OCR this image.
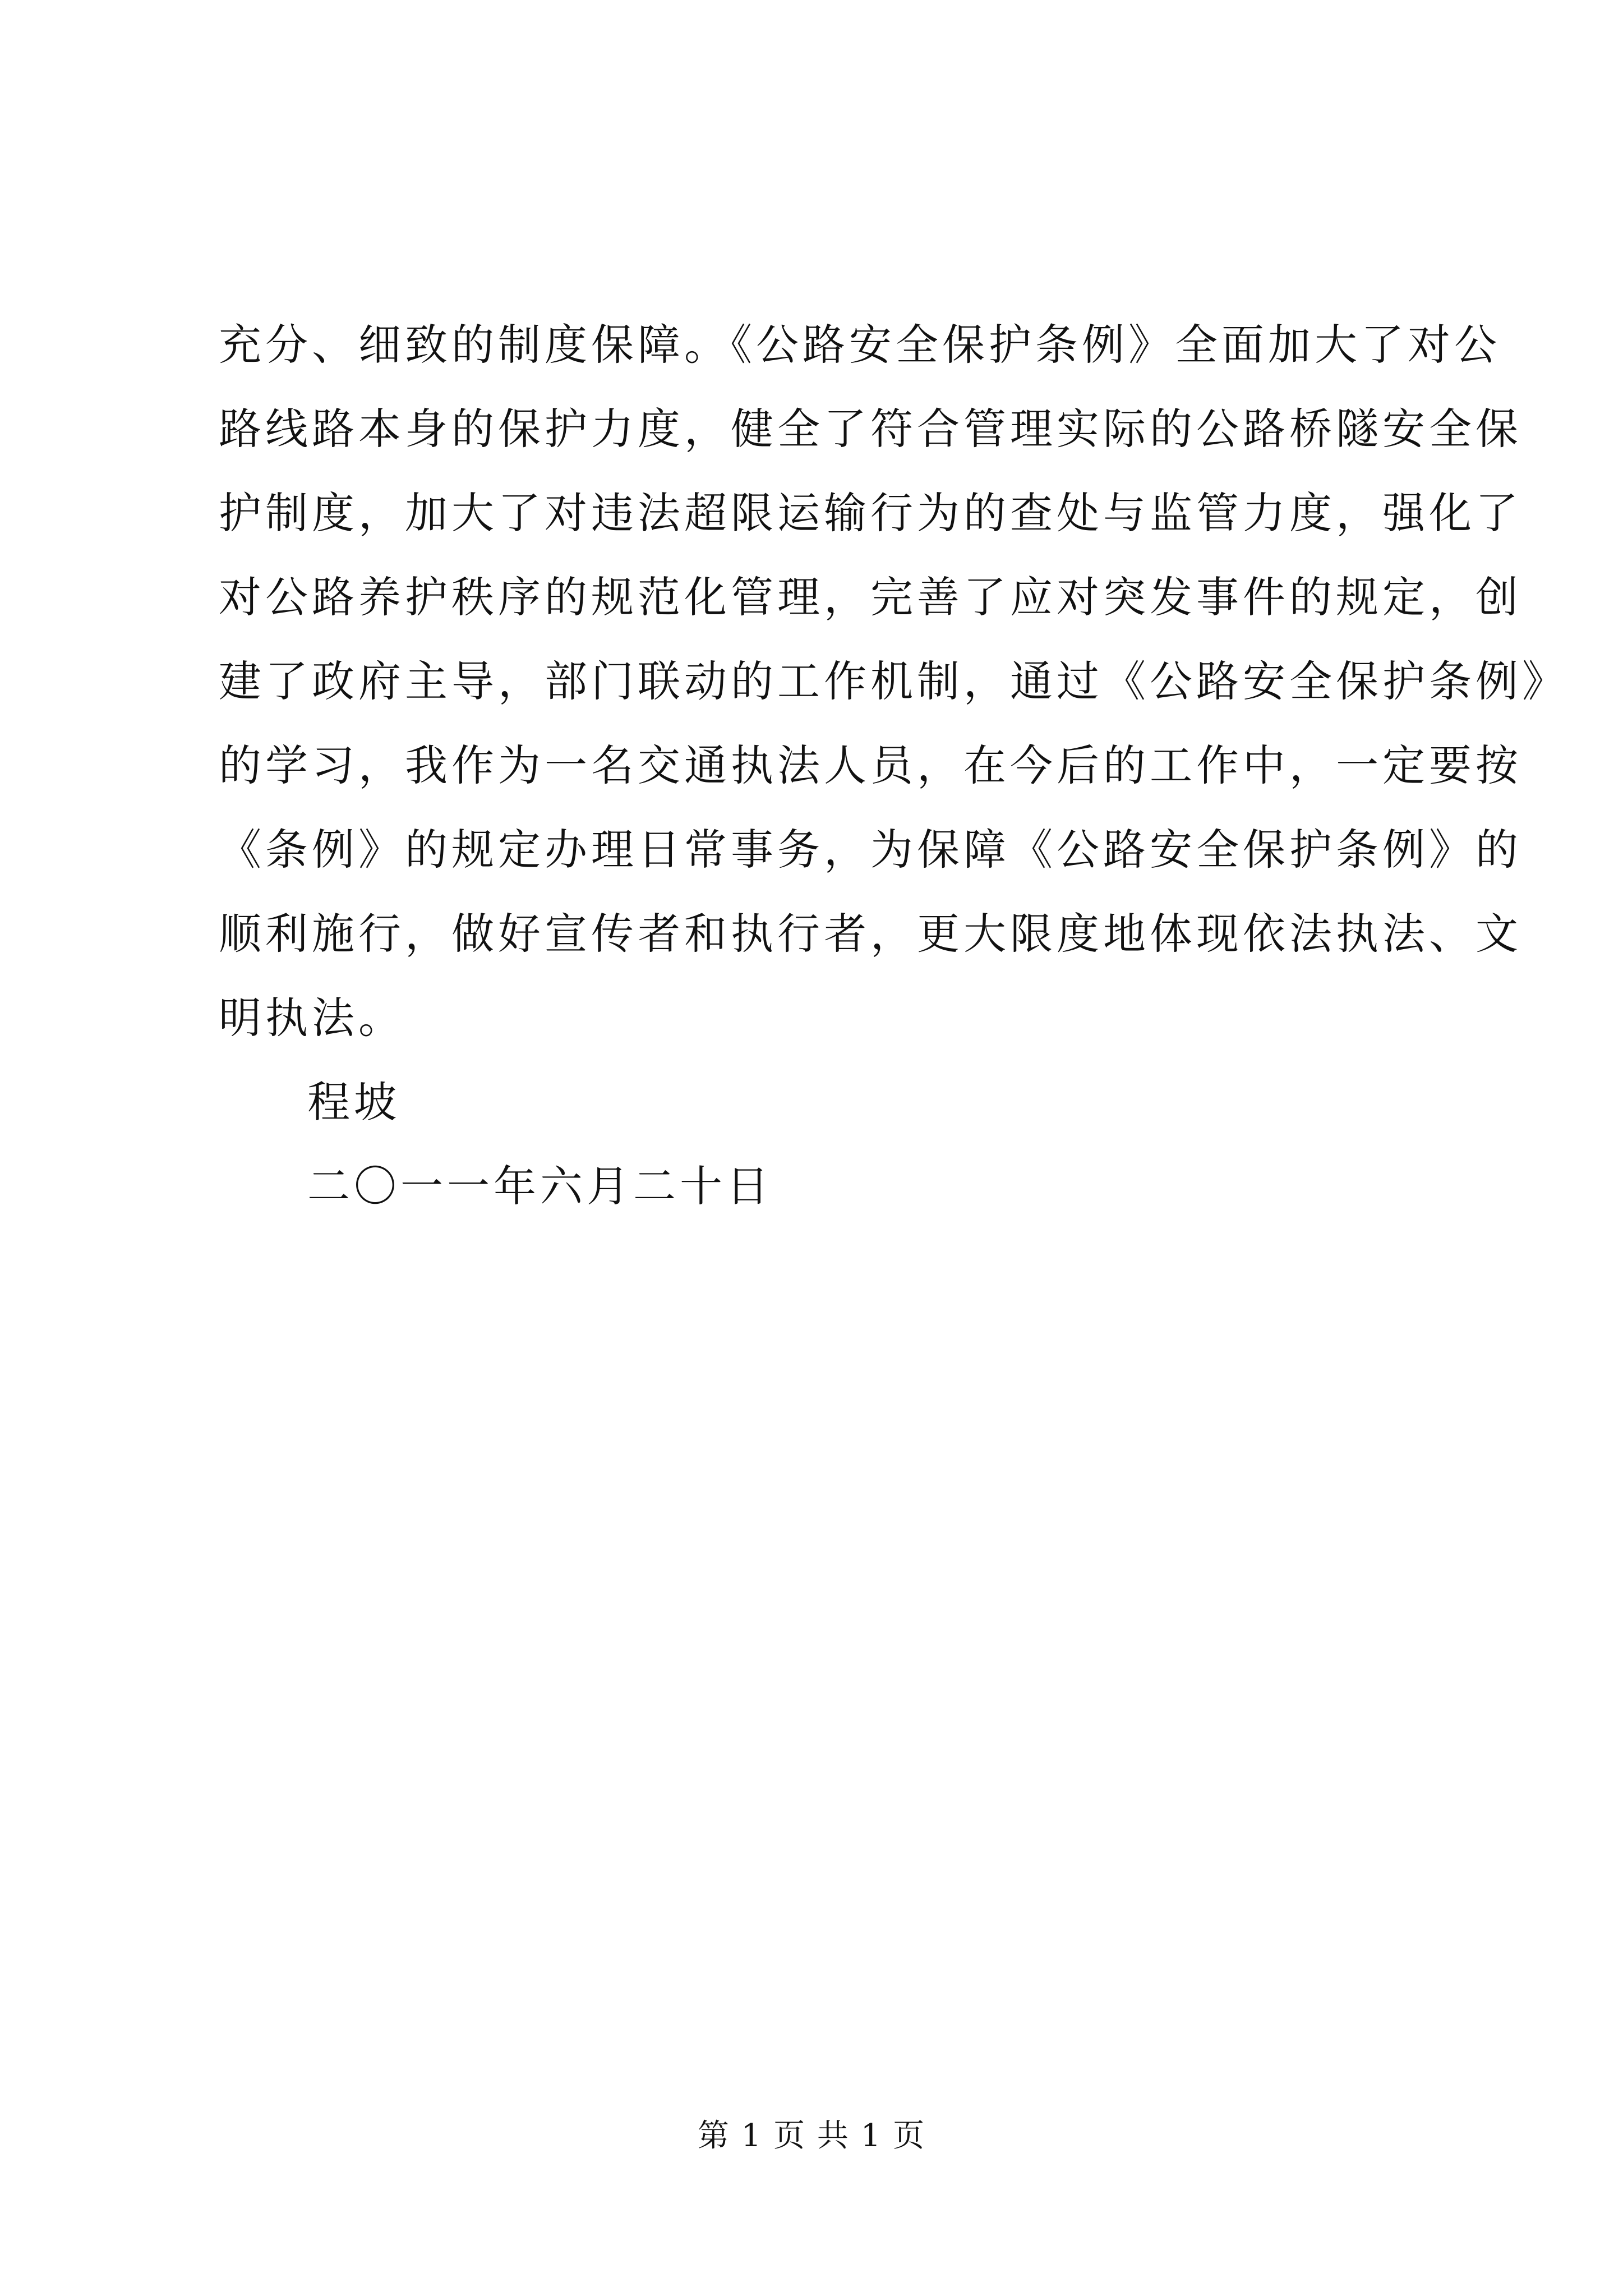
充分、细致的制度保障。《公路安全保护条例》全面加大了对公
路线路本身的保护力度，健全了符合管理实际的公路桥隧安全保
护制度，加大了对违法超限运输行为的查处与监管力度，强化了
对公路养护秩序的规范化管理，完善了应对突发事件的规定，创
建了政府主导，部门联动的工作机制，通过《公路安全保护条例》
的学习，我作为一名交通执法人员，在今后的工作中，一定要按
《条例》的规定办理日常事务，为保障《公路安全保护条例》的
顺利施行，做好宣传者和执行者，更大限度地体现依法执法、文
明执法。
程坡
二〇一一年六月二十日
第 1 页 共 1 页
